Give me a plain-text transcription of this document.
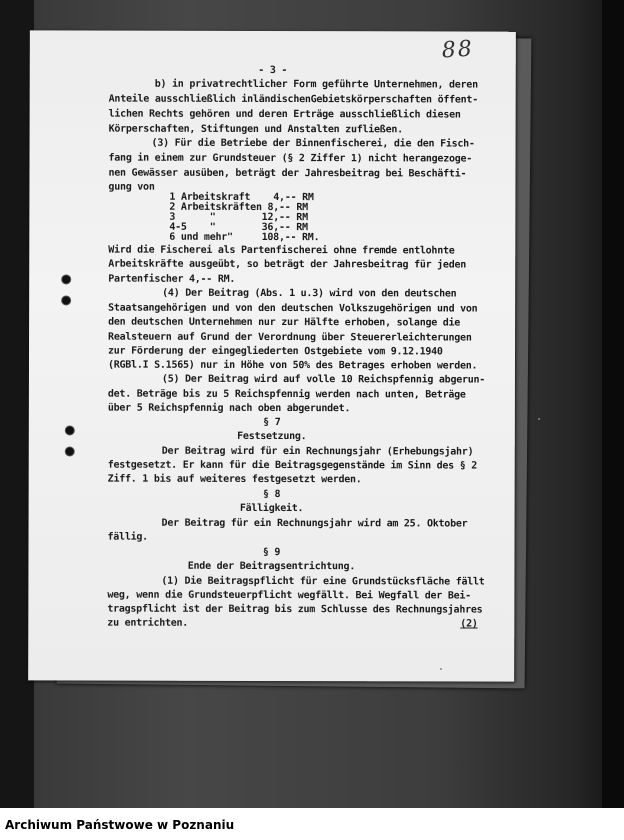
88
- 3 -
b) in privatrechtlicher Form geführte Unternehmen, deren
Anteile ausschließlich inländischenGebietskörperschaften öffent-
lichen Rechts gehören und deren Erträge ausschließlich diesen
Körperschaften, Stiftungen und Anstalten zufließen.
(3) Für die Betriebe der Binnenfischerei, die den Fisch-
fang in einem zur Grundsteuer (§ 2 Ziffer 1) nicht herangezoge-
nen Gewässer ausüben, beträgt der Jahresbeitrag bei Beschäfti-
gung von
1 Arbeitskraft    4,-- RM
2 Arbeitskräften 8,-- RM
3      "        12,-- RM
4-5    "        36,-- RM
6 und mehr"     108,-- RM.
Wird die Fischerei als Partenfischerei ohne fremde entlohnte
Arbeitskräfte ausgeübt, so beträgt der Jahresbeitrag für jeden
Partenfischer 4,-- RM.
(4) Der Beitrag (Abs. 1 u.3) wird von den deutschen
Staatsangehörigen und von den deutschen Volkszugehörigen und von
den deutschen Unternehmen nur zur Hälfte erhoben, solange die
Realsteuern auf Grund der Verordnung über Steuererleichterungen
zur Förderung der eingegliederten Ostgebiete vom 9.12.1940
(RGBl.I S.1565) nur in Höhe von 50% des Betrages erhoben werden.
(5) Der Beitrag wird auf volle 10 Reichspfennig abgerun-
det. Beträge bis zu 5 Reichspfennig werden nach unten, Beträge
über 5 Reichspfennig nach oben abgerundet.
§ 7
Festsetzung.
Der Beitrag wird für ein Rechnungsjahr (Erhebungsjahr)
festgesetzt. Er kann für die Beitragsgegenstände im Sinn des § 2
Ziff. 1 bis auf weiteres festgesetzt werden.
§ 8
Fälligkeit.
Der Beitrag für ein Rechnungsjahr wird am 25. Oktober
fällig.
§ 9
Ende der Beitragsentrichtung.
(1) Die Beitragspflicht für eine Grundstücksfläche fällt
weg, wenn die Grundsteuerpflicht wegfällt. Bei Wegfall der Bei-
tragspflicht ist der Beitrag bis zum Schlusse des Rechnungsjahres
zu entrichten.	(2)
Archiwum Państwowe w Poznaniu
